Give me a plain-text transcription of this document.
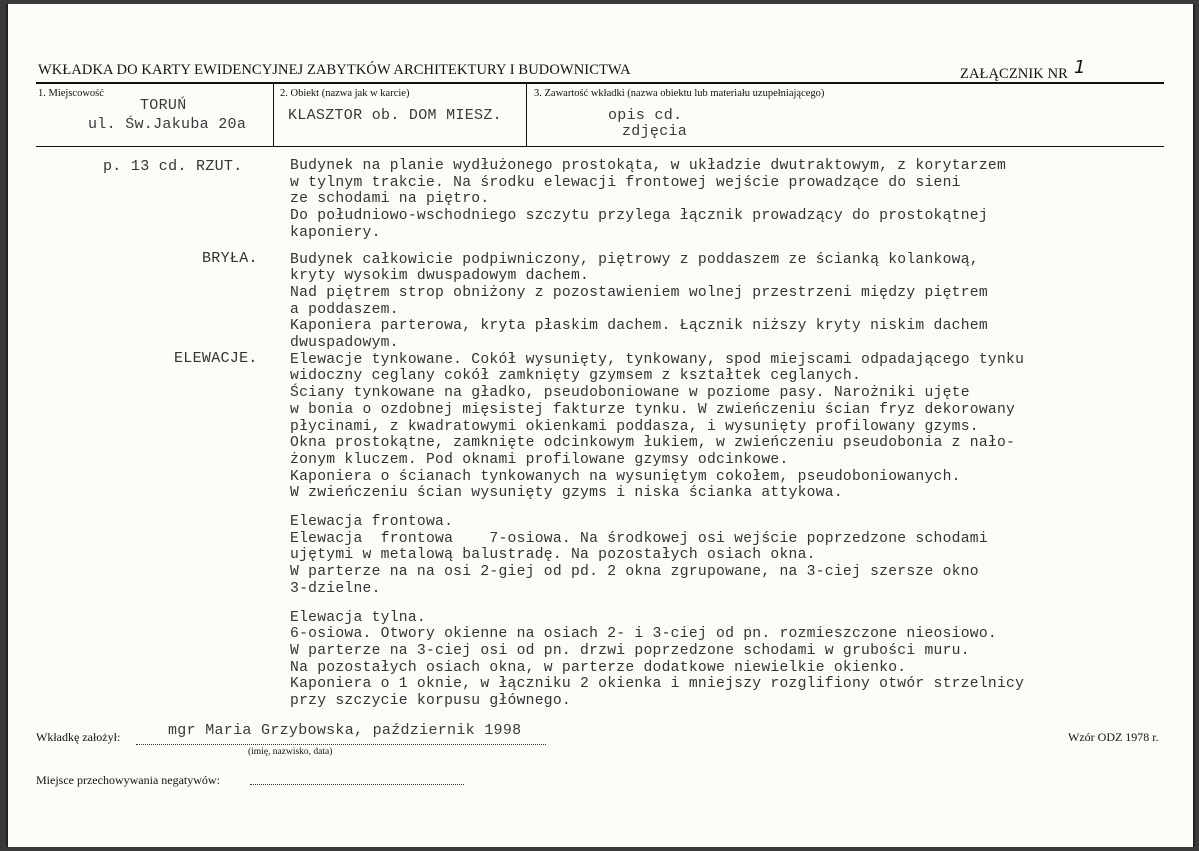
WKŁADKA DO KARTY EWIDENCYJNEJ ZABYTKÓW ARCHITEKTURY I BUDOWNICTWA	ZAŁĄCZNIK NR 1
1. Miejscowość
TORUŃ
ul. Św.Jakuba 20a
2. Obiekt (nazwa jak w karcie)
KLASZTOR ob. DOM MIESZ.
3. Zawartość wkładki (nazwa obiektu lub materiału uzupełniającego)
opis cd.
zdjęcia
p. 13 cd. RZUT.
BRYŁA.
ELEWACJE.
Budynek na planie wydłużonego prostokąta, w układzie dwutraktowym, z korytarzem
w tylnym trakcie. Na środku elewacji frontowej wejście prowadzące do sieni
ze schodami na piętro.
Do południowo-wschodniego szczytu przylega łącznik prowadzący do prostokątnej
kaponiery.
Budynek całkowicie podpiwniczony, piętrowy z poddaszem ze ścianką kolankową,
kryty wysokim dwuspadowym dachem.
Nad piętrem strop obniżony z pozostawieniem wolnej przestrzeni między piętrem
a poddaszem.
Kaponiera parterowa, kryta płaskim dachem. Łącznik niższy kryty niskim dachem
dwuspadowym.
Elewacje tynkowane. Cokół wysunięty, tynkowany, spod miejscami odpadającego tynku
widoczny ceglany cokół zamknięty gzymsem z kształtek ceglanych.
Ściany tynkowane na gładko, pseudoboniowane w poziome pasy. Narożniki ujęte
w bonia o ozdobnej mięsistej fakturze tynku. W zwieńczeniu ścian fryz dekorowany
płycinami, z kwadratowymi okienkami poddasza, i wysunięty profilowany gzyms.
Okna prostokątne, zamknięte odcinkowym łukiem, w zwieńczeniu pseudobonia z nało-
żonym kluczem. Pod oknami profilowane gzymsy odcinkowe.
Kaponiera o ścianach tynkowanych na wysuniętym cokołem, pseudoboniowanych.
W zwieńczeniu ścian wysunięty gzyms i niska ścianka attykowa.
Elewacja frontowa.
Elewacja  frontowa    7-osiowa. Na środkowej osi wejście poprzedzone schodami
ujętymi w metalową balustradę. Na pozostałych osiach okna.
W parterze na na osi 2-giej od pd. 2 okna zgrupowane, na 3-ciej szersze okno
3-dzielne.
Elewacja tylna.
6-osiowa. Otwory okienne na osiach 2- i 3-ciej od pn. rozmieszczone nieosiowo.
W parterze na 3-ciej osi od pn. drzwi poprzedzone schodami w grubości muru.
Na pozostałych osiach okna, w parterze dodatkowe niewielkie okienko.
Kaponiera o 1 oknie, w łączniku 2 okienka i mniejszy rozglifiony otwór strzelnicy
przy szczycie korpusu głównego.
Wkładkę założył:	mgr Maria Grzybowska, październik 1998
(imię, nazwisko, data)
Wzór ODZ 1978 r.
Miejsce przechowywania negatywów:
